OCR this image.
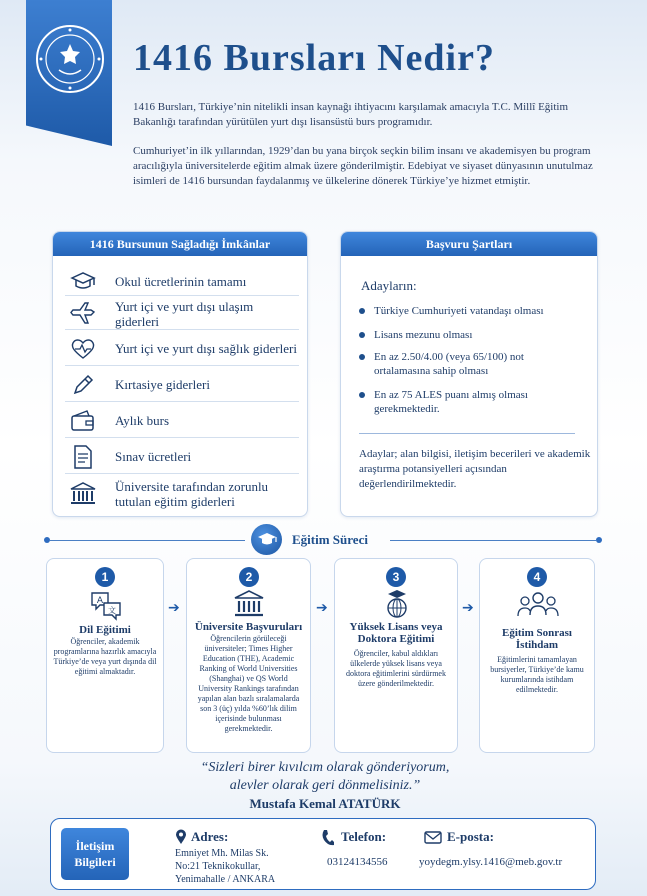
1416 Bursları Nedir?

1416 Bursları, Türkiye’nin nitelikli insan kaynağı ihtiyacını karşılamak amacıyla T.C. Millî Eğitim Bakanlığı tarafından yürütülen yurt dışı lisansüstü burs programıdır.

Cumhuriyet’in ilk yıllarından, 1929’dan bu yana birçok seçkin bilim insanı ve akademisyen bu program aracılığıyla üniversitelerde eğitim almak üzere gönderilmiştir. Edebiyat ve siyaset dünyasının unutulmaz isimleri de 1416 bursundan faydalanmış ve ülkelerine dönerek Türkiye’ye hizmet etmiştir.

1416 Bursunun Sağladığı İmkânlar
Okul ücretlerinin tamamı
Yurt içi ve yurt dışı ulaşım giderleri
Yurt içi ve yurt dışı sağlık giderleri
Kırtasiye giderleri
Aylık burs
Sınav ücretleri
Üniversite tarafından zorunlu tutulan eğitim giderleri
Başvuru Şartları
Adayların:
Türkiye Cumhuriyeti vatandaşı olması
Lisans mezunu olması
En az 2.50/4.00 (veya 65/100) not ortalamasına sahip olması
En az 75 ALES puanı almış olması gerekmektedir.
Adaylar; alan bilgisi, iletişim becerileri ve akademik araştırma potansiyelleri açısından değerlendirilmektedir.
Eğitim Süreci
1
A
文
Dil Eğitimi
Öğrenciler, akademik programlarına hazırlık amacıyla Türkiye’de veya yurt dışında dil eğitimi almaktadır.
➔
2
Üniversite Başvuruları
Öğrencilerin görüleceği üniversiteler; Times Higher Education (THE), Academic Ranking of World Universities (Shanghai) ve QS World University Rankings tarafından yapılan alan bazlı sıralamalarda son 3 (üç) yılda %60’lık dilim içerisinde bulunması gerekmektedir.
➔
3
Yüksek Lisans veya Doktora Eğitimi
Öğrenciler, kabul aldıkları ülkelerde yüksek lisans veya doktora eğitimlerini sürdürmek üzere gönderilmektedir.
➔
4
Eğitim Sonrası İstihdam
Eğitimlerini tamamlayan bursiyerler, Türkiye’de kamu kurumlarında istihdam edilmektedir.
“Sizleri birer kıvılcım olarak gönderiyorum,
alevler olarak geri dönmelisiniz.”
Mustafa Kemal ATATÜRK
İletişim Bilgileri
Adres:
Emniyet Mh. Milas Sk.
No:21 Teknikokullar,
Yenimahalle / ANKARA
Telefon:
03124134556
E-posta:
yoydegm.ylsy.1416@meb.gov.tr
